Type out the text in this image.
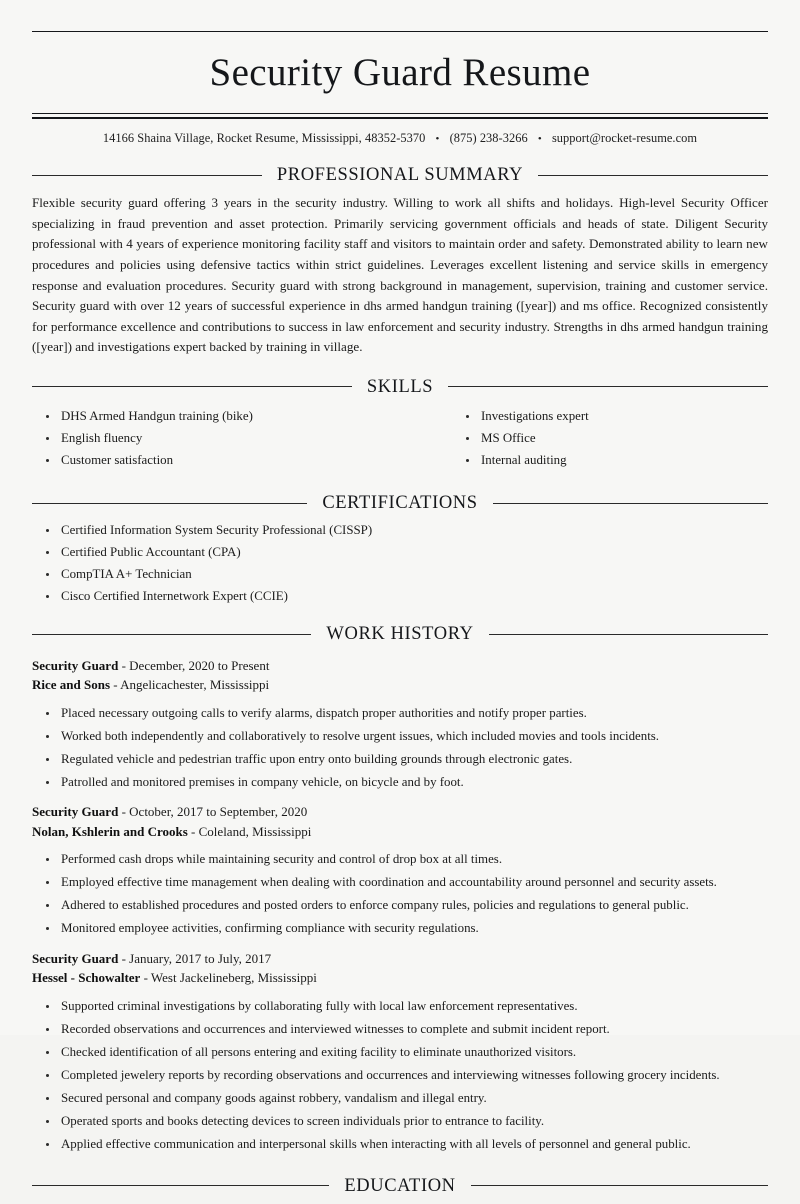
Security Guard Resume
14166 Shaina Village, Rocket Resume, Mississippi, 48352-5370 • (875) 238-3266 • support@rocket-resume.com
PROFESSIONAL SUMMARY

Flexible security guard offering 3 years in the security industry. Willing to work all shifts and holidays. High-level Security Officer specializing in fraud prevention and asset protection. Primarily servicing government officials and heads of state. Diligent Security professional with 4 years of experience monitoring facility staff and visitors to maintain order and safety. Demonstrated ability to learn new procedures and policies using defensive tactics within strict guidelines. Leverages excellent listening and service skills in emergency response and evaluation procedures. Security guard with strong background in management, supervision, training and customer service. Security guard with over 12 years of successful experience in dhs armed handgun training ([year]) and ms office. Recognized consistently for performance excellence and contributions to success in law enforcement and security industry. Strengths in dhs armed handgun training ([year]) and investigations expert backed by training in village.

SKILLS
DHS Armed Handgun training (bike)
English fluency
Customer satisfaction
Investigations expert
MS Office
Internal auditing
CERTIFICATIONS
Certified Information System Security Professional (CISSP)
Certified Public Accountant (CPA)
CompTIA A+ Technician
Cisco Certified Internetwork Expert (CCIE)
WORK HISTORY
Security Guard - December, 2020 to Present
Rice and Sons - Angelicachester, Mississippi
Placed necessary outgoing calls to verify alarms, dispatch proper authorities and notify proper parties.
Worked both independently and collaboratively to resolve urgent issues, which included movies and tools incidents.
Regulated vehicle and pedestrian traffic upon entry onto building grounds through electronic gates.
Patrolled and monitored premises in company vehicle, on bicycle and by foot.
Security Guard - October, 2017 to September, 2020
Nolan, Kshlerin and Crooks - Coleland, Mississippi
Performed cash drops while maintaining security and control of drop box at all times.
Employed effective time management when dealing with coordination and accountability around personnel and security assets.
Adhered to established procedures and posted orders to enforce company rules, policies and regulations to general public.
Monitored employee activities, confirming compliance with security regulations.
Security Guard - January, 2017 to July, 2017
Hessel - Schowalter - West Jackelineberg, Mississippi
Supported criminal investigations by collaborating fully with local law enforcement representatives.
Recorded observations and occurrences and interviewed witnesses to complete and submit incident report.
Checked identification of all persons entering and exiting facility to eliminate unauthorized visitors.
Completed jewelery reports by recording observations and occurrences and interviewing witnesses following grocery incidents.
Secured personal and company goods against robbery, vandalism and illegal entry.
Operated sports and books detecting devices to screen individuals prior to entrance to facility.
Applied effective communication and interpersonal skills when interacting with all levels of personnel and general public.
EDUCATION
